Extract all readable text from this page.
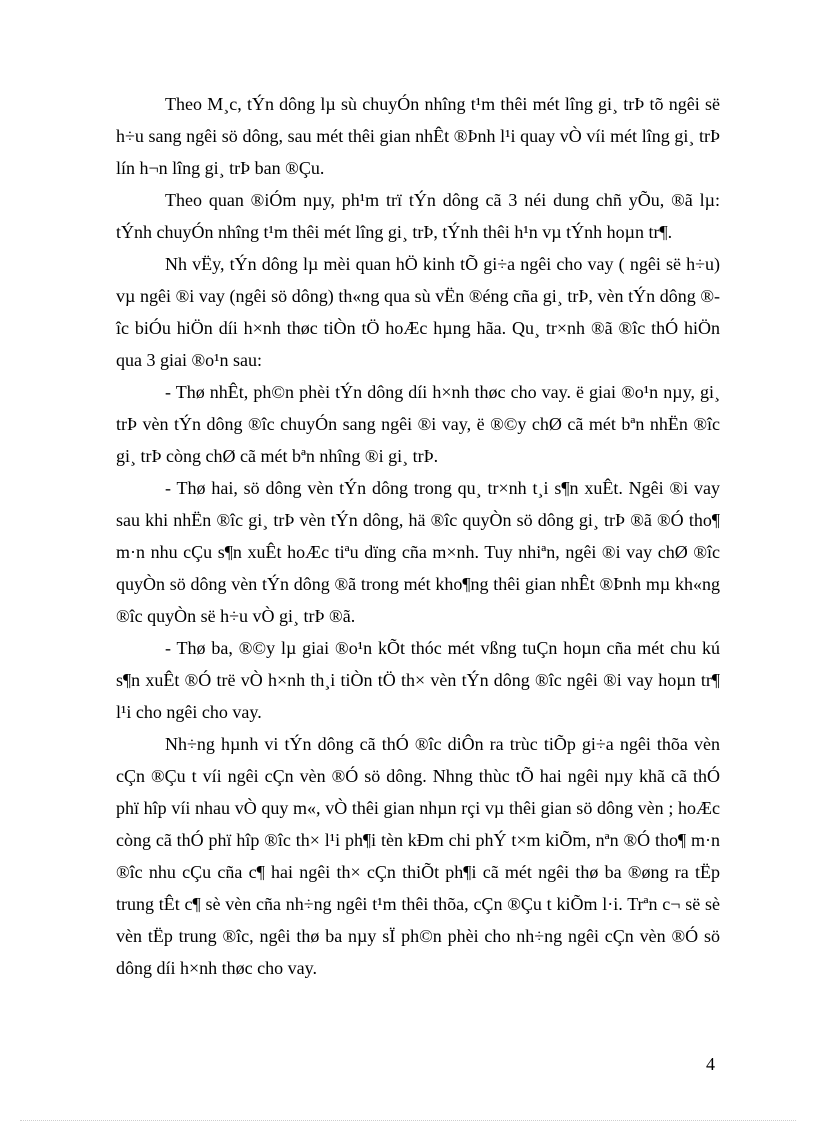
Theo M¸c, tÝn dông lµ sù chuyÓn nhîng t¹m thêi mét lîng gi¸ trÞ tõ ngêi së h÷u sang ngêi sö dông, sau mét thêi gian nhÊt ®Þnh l¹i quay vÒ víi mét lîng gi¸ trÞ lín h¬n lîng gi¸ trÞ ban ®Çu.

Theo quan ®iÓm nµy, ph¹m trï tÝn dông cã 3 néi dung chñ yÕu, ®ã lµ: tÝnh chuyÓn nhîng t¹m thêi mét lîng gi¸ trÞ, tÝnh thêi h¹n vµ tÝnh hoµn tr¶.

Nh vËy, tÝn dông lµ mèi quan hÖ kinh tÕ gi÷a ngêi cho vay ( ngêi së h÷u) vµ ngêi ®i vay (ngêi sö dông) th«ng qua sù vËn ®éng cña gi¸ trÞ, vèn tÝn dông ®îc biÓu hiÖn díi h×nh thøc tiÒn tÖ hoÆc hµng hãa. Qu¸ tr×nh ®ã ®îc thÓ hiÖn qua 3 giai ®o¹n sau:

- Thø nhÊt, ph©n phèi tÝn dông díi h×nh thøc cho vay. ë giai ®o¹n nµy, gi¸ trÞ vèn tÝn dông ®îc chuyÓn sang ngêi ®i vay, ë ®©y chØ cã mét bªn nhËn ®îc gi¸ trÞ còng chØ cã mét bªn nhîng ®i gi¸ trÞ.

- Thø hai, sö dông vèn tÝn dông trong qu¸ tr×nh t¸i s¶n xuÊt. Ngêi ®i vay sau khi nhËn ®îc gi¸ trÞ vèn tÝn dông, hä ®îc quyÒn sö dông gi¸ trÞ ®ã ®Ó tho¶ m·n nhu cÇu s¶n xuÊt hoÆc tiªu dïng cña m×nh. Tuy nhiªn, ngêi ®i vay chØ ®îc quyÒn sö dông vèn tÝn dông ®ã trong mét kho¶ng thêi gian nhÊt ®Þnh mµ kh«ng ®îc quyÒn së h÷u vÒ gi¸ trÞ ®ã.

- Thø ba, ®©y lµ giai ®o¹n kÕt thóc mét vßng tuÇn hoµn cña mét chu kú s¶n xuÊt ®Ó trë vÒ h×nh th¸i tiÒn tÖ th× vèn tÝn dông ®îc ngêi ®i vay hoµn tr¶ l¹i cho ngêi cho vay.

Nh÷ng hµnh vi tÝn dông cã thÓ ®îc diÔn ra trùc tiÕp gi÷a ngêi thõa vèn cÇn ®Çu t víi ngêi cÇn vèn ®Ó sö dông. Nhng thùc tÕ hai ngêi nµy khã cã thÓ phï hîp víi nhau vÒ quy m«, vÒ thêi gian nhµn rçi vµ thêi gian sö dông vèn ; hoÆc còng cã thÓ phï hîp ®îc th× l¹i ph¶i tèn kÐm chi phÝ t×m kiÕm, nªn ®Ó tho¶ m·n ®îc nhu cÇu cña c¶ hai ngêi th× cÇn thiÕt ph¶i cã mét ngêi thø ba ®øng ra tËp trung tÊt c¶ sè vèn cña nh÷ng ngêi t¹m thêi thõa, cÇn ®Çu t kiÕm l·i. Trªn c¬ së sè vèn tËp trung ®îc, ngêi thø ba nµy sÏ ph©n phèi cho nh÷ng ngêi cÇn vèn ®Ó sö dông díi h×nh thøc cho vay.

4
